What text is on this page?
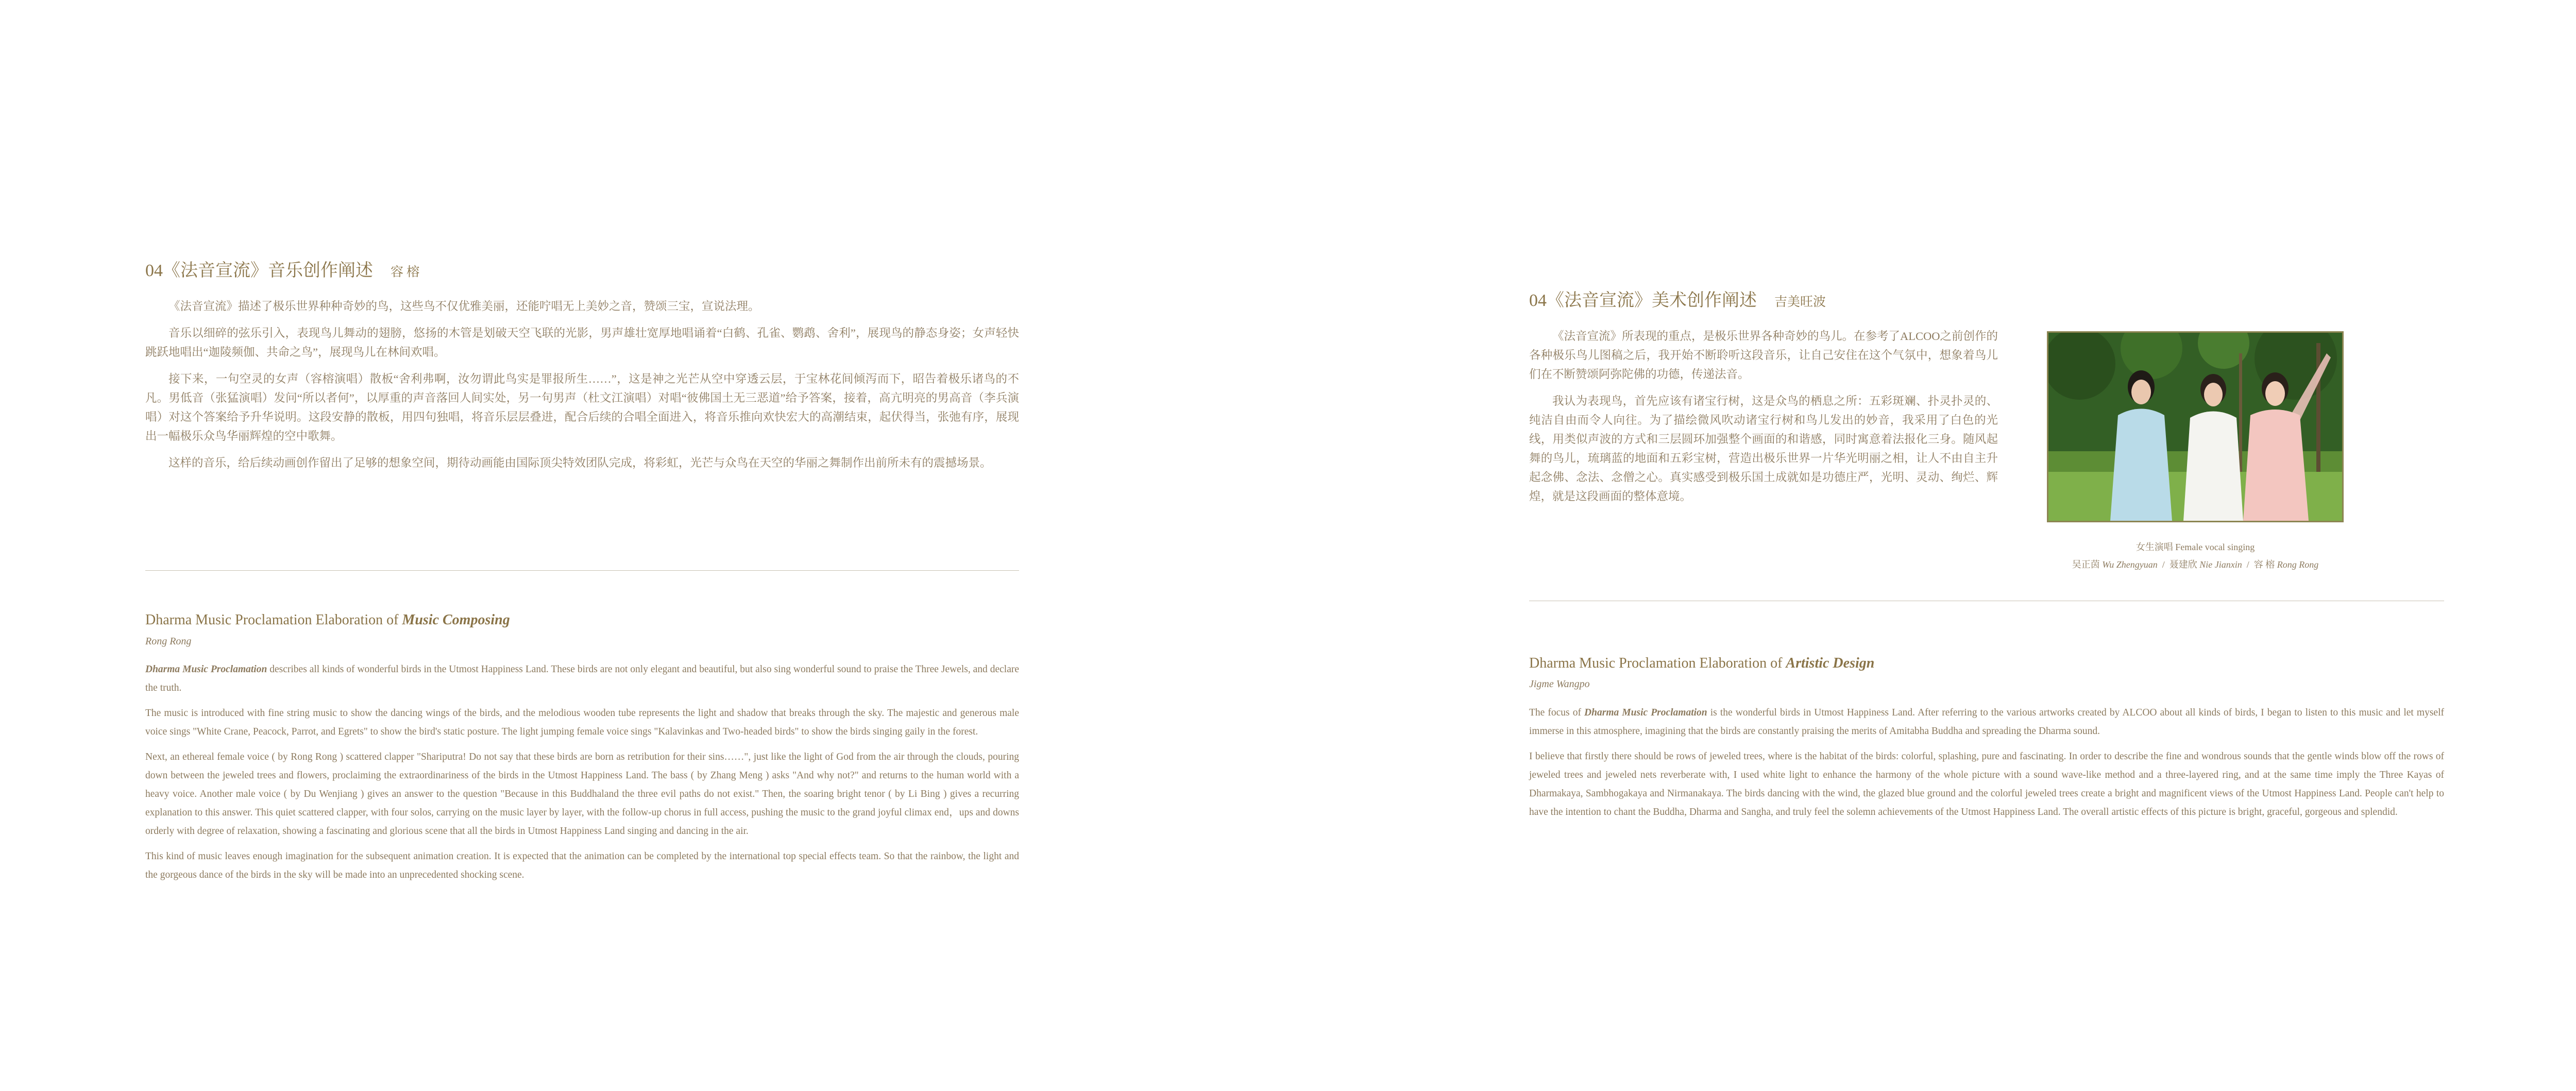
04《法音宣流》音乐创作阐述 容 榕

《法音宣流》描述了极乐世界种种奇妙的鸟，这些鸟不仅优雅美丽，还能咛唱无上美妙之音，赞颂三宝，宣说法理。

音乐以细碎的弦乐引入，表现鸟儿舞动的翅膀，悠扬的木管是划破天空飞联的光影，男声雄壮宽厚地唱诵着“白鹤、孔雀、鹦鹉、舍利”，展现鸟的静态身姿；女声轻快跳跃地唱出“迦陵频伽、共命之鸟”，展现鸟儿在林间欢唱。

接下来，一句空灵的女声（容榕演唱）散板“舍利弗啊，汝勿谓此鸟实是罪报所生……”，这是神之光芒从空中穿透云层，于宝林花间倾泻而下，昭告着极乐诸鸟的不凡。男低音（张猛演唱）发问“所以者何”，以厚重的声音落回人间实处，另一句男声（杜文江演唱）对唱“彼佛国土无三恶道”给予答案，接着，高亢明亮的男高音（李兵演唱）对这个答案给予升华说明。这段安静的散板，用四句独唱，将音乐层层叠进，配合后续的合唱全面进入，将音乐推向欢快宏大的高潮结束，起伏得当，张弛有序，展现出一幅极乐众鸟华丽辉煌的空中歌舞。

这样的音乐，给后续动画创作留出了足够的想象空间，期待动画能由国际顶尖特效团队完成，将彩虹，光芒与众鸟在天空的华丽之舞制作出前所未有的震撼场景。

Dharma Music Proclamation Elaboration of Music Composing
Rong Rong

Dharma Music Proclamation describes all kinds of wonderful birds in the Utmost Happiness Land. These birds are not only elegant and beautiful, but also sing wonderful sound to praise the Three Jewels, and declare the truth.

The music is introduced with fine string music to show the dancing wings of the birds, and the melodious wooden tube represents the light and shadow that breaks through the sky. The majestic and generous male voice sings "White Crane, Peacock, Parrot, and Egrets" to show the bird's static posture. The light jumping female voice sings "Kalavinkas and Two-headed birds" to show the birds singing gaily in the forest.

Next, an ethereal female voice ( by Rong Rong ) scattered clapper "Shariputra! Do not say that these birds are born as retribution for their sins……", just like the light of God from the air through the clouds, pouring down between the jeweled trees and flowers, proclaiming the extraordinariness of the birds in the Utmost Happiness Land. The bass ( by Zhang Meng ) asks "And why not?" and returns to the human world with a heavy voice. Another male voice ( by Du Wenjiang ) gives an answer to the question "Because in this Buddhaland the three evil paths do not exist." Then, the soaring bright tenor ( by Li Bing ) gives a recurring explanation to this answer. This quiet scattered clapper, with four solos, carrying on the music layer by layer, with the follow-up chorus in full access, pushing the music to the grand joyful climax end，ups and downs orderly with degree of relaxation, showing a fascinating and glorious scene that all the birds in Utmost Happiness Land singing and dancing in the air.

This kind of music leaves enough imagination for the subsequent animation creation. It is expected that the animation can be completed by the international top special effects team. So that the rainbow, the light and the gorgeous dance of the birds in the sky will be made into an unprecedented shocking scene.

04《法音宣流》美术创作阐述 吉美旺波

《法音宣流》所表现的重点，是极乐世界各种奇妙的鸟儿。在参考了ALCOO之前创作的各种极乐鸟儿图稿之后，我开始不断聆听这段音乐，让自己安住在这个气氛中，想象着鸟儿们在不断赞颂阿弥陀佛的功德，传递法音。

我认为表现鸟，首先应该有诸宝行树，这是众鸟的栖息之所：五彩斑斓、扑灵扑灵的、纯洁自由而令人向往。为了描绘微风吹动诸宝行树和鸟儿发出的妙音，我采用了白色的光线，用类似声波的方式和三层圆环加强整个画面的和谐感，同时寓意着法报化三身。随风起舞的鸟儿，琉璃蓝的地面和五彩宝树，营造出极乐世界一片华光明丽之相，让人不由自主升起念佛、念法、念僧之心。真实感受到极乐国土成就如是功德庄严，光明、灵动、绚烂、辉煌，就是这段画面的整体意境。

女生演唱 Female vocal singing
吴正茵 Wu Zhengyuan / 聂建欣 Nie Jianxin / 容 榕 Rong Rong
Dharma Music Proclamation Elaboration of Artistic Design
Jigme Wangpo

The focus of Dharma Music Proclamation is the wonderful birds in Utmost Happiness Land. After referring to the various artworks created by ALCOO about all kinds of birds, I began to listen to this music and let myself immerse in this atmosphere, imagining that the birds are constantly praising the merits of Amitabha Buddha and spreading the Dharma sound.

I believe that firstly there should be rows of jeweled trees, where is the habitat of the birds: colorful, splashing, pure and fascinating. In order to describe the fine and wondrous sounds that the gentle winds blow off the rows of jeweled trees and jeweled nets reverberate with, I used white light to enhance the harmony of the whole picture with a sound wave-like method and a three-layered ring, and at the same time imply the Three Kayas of Dharmakaya, Sambhogakaya and Nirmanakaya. The birds dancing with the wind, the glazed blue ground and the colorful jeweled trees create a bright and magnificent views of the Utmost Happiness Land. People can't help to have the intention to chant the Buddha, Dharma and Sangha, and truly feel the solemn achievements of the Utmost Happiness Land. The overall artistic effects of this picture is bright, graceful, gorgeous and splendid.
